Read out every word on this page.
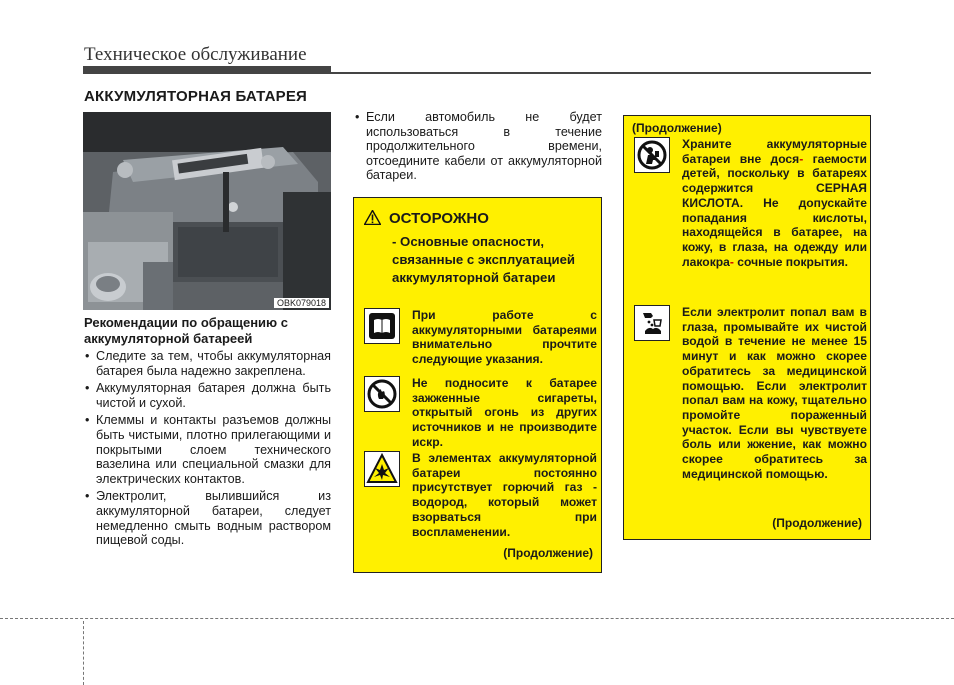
Техническое обслуживание
АККУМУЛЯТОРНАЯ БАТАРЕЯ
OBK079018
Рекомендации по обращению с аккумуляторной батареей
• Следите за тем, чтобы аккумуляторная батарея была надежно закреплена.
• Аккумуляторная батарея должна быть чистой и сухой.
• Клеммы и контакты разъемов должны быть чистыми, плотно прилегающими и покрытыми слоем технического вазелина или специальной смазки для электрических контактов.
• Электролит, вылившийся из аккумуляторной батареи, следует немедленно смыть водным раствором пищевой соды.
• Если автомобиль не будет использоваться в течение продолжительного времени, отсоедините кабели от аккумуляторной батареи.
ОСТОРОЖНО
- Основные опасности, связанные с эксплуатацией аккумуляторной батареи
При работе с аккумуляторными батареями внимательно прочтите следующие указания.
Не подносите к батарее зажженные сигареты, открытый огонь из других источников и не производите искр.
В элементах аккумуляторной батареи постоянно присутствует горючий газ - водород, который может взорваться при воспламенении.
(Продолжение)
(Продолжение)
Храните аккумуляторные батареи вне дося- гаемости детей, поскольку в батареях содержится СЕРНАЯ КИСЛОТА. Не допускайте попадания кислоты, находящейся в батарее, на кожу, в глаза, на одежду или лакокра- сочные покрытия.
Если электролит попал вам в глаза, промывайте их чистой водой в течение не менее 15 минут и как можно скорее обратитесь за медицинской помощью. Если электролит попал вам на кожу, тщательно промойте пораженный участок. Если вы чувствуете боль или жжение, как можно скорее обратитесь за медицинской помощью.
(Продолжение)
